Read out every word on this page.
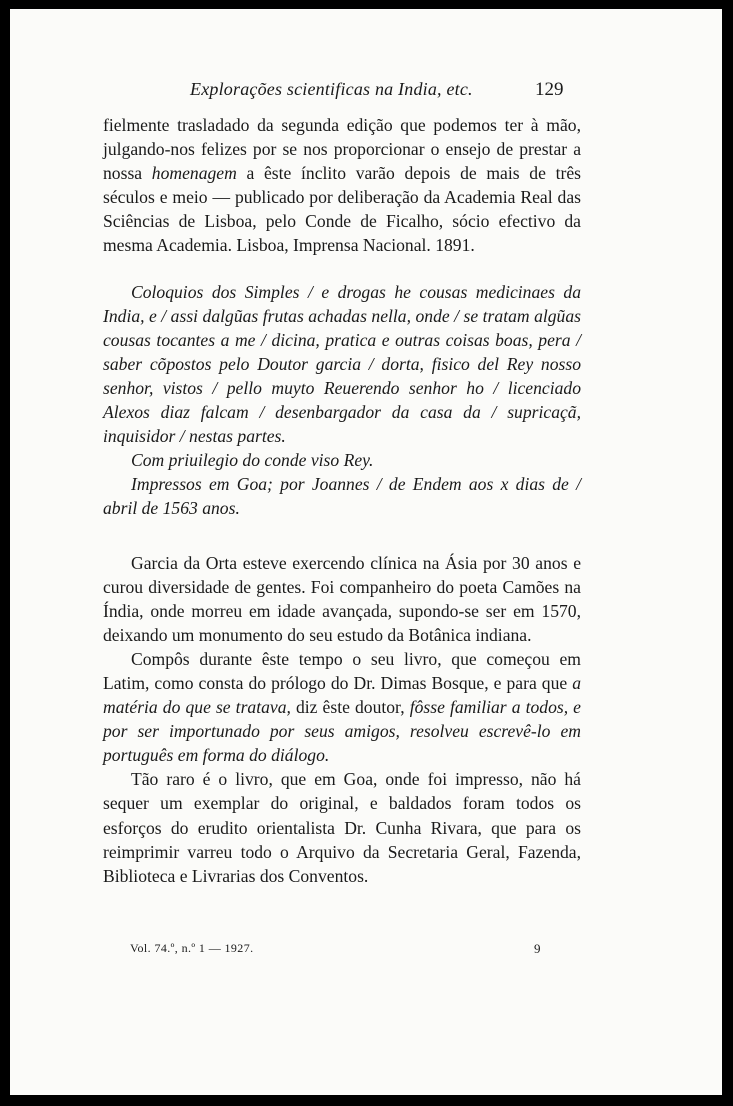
Explorações scientificas na India, etc.	129

fielmente trasladado da segunda edição que podemos ter à mão, julgando-nos felizes por se nos proporcionar o ensejo de prestar a nossa homenagem a êste ínclito varão depois de mais de três séculos e meio — publicado por deliberação da Academia Real das Sciências de Lisboa, pelo Conde de Ficalho, sócio efectivo da mesma Academia. Lisboa, Imprensa Nacional. 1891.

Coloquios dos Simples / e drogas he cousas medicinaes da India, e / assi dalgũas frutas achadas nella, onde / se tratam algũas cousas tocantes a me / dicina, pratica e outras coisas boas, pera / saber cõpostos pelo Doutor garcia / dorta, fisico del Rey nosso senhor, vistos / pello muyto Reuerendo senhor ho / licenciado Alexos diaz falcam / desenbargador da casa da / supricaçã, inquisidor / nestas partes.

Com priuilegio do conde viso Rey.

Impressos em Goa; por Joannes / de Endem aos x dias de / abril de 1563 anos.

Garcia da Orta esteve exercendo clínica na Ásia por 30 anos e curou diversidade de gentes. Foi companheiro do poeta Camões na Índia, onde morreu em idade avançada, supondo-se ser em 1570, deixando um monumento do seu estudo da Botânica indiana.

Compôs durante êste tempo o seu livro, que começou em Latim, como consta do prólogo do Dr. Dimas Bosque, e para que a matéria do que se tratava, diz êste doutor, fôsse familiar a todos, e por ser importunado por seus amigos, resolveu escrevê-lo em português em forma do diálogo.

Tão raro é o livro, que em Goa, onde foi impresso, não há sequer um exemplar do original, e baldados foram todos os esforços do erudito orientalista Dr. Cunha Rivara, que para os reimprimir varreu todo o Arquivo da Secretaria Geral, Fazenda, Biblioteca e Livrarias dos Conventos.

Vol. 74.º, n.º 1 — 1927.	9
